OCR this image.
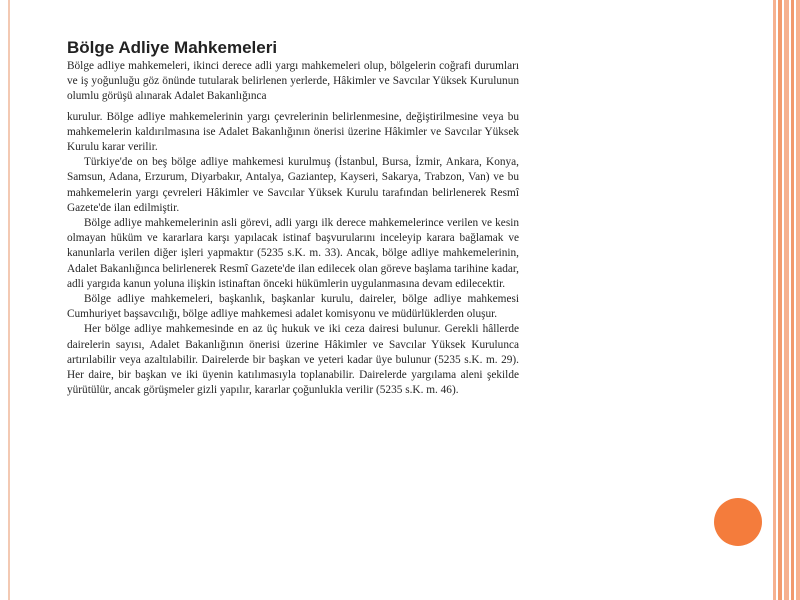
Bölge Adliye Mahkemeleri

Bölge adliye mahkemeleri, ikinci derece adli yargı mahkemeleri olup, bölgelerin coğrafi durumları ve iş yoğunluğu göz önünde tutularak belirlenen yerlerde, Hâkimler ve Savcılar Yüksek Kurulunun olumlu görüşü alınarak Adalet Bakanlığınca

kurulur. Bölge adliye mahkemelerinin yargı çevrelerinin belirlenmesine, değiştirilmesine veya bu mahkemelerin kaldırılmasına ise Adalet Bakanlığının önerisi üzerine Hâkimler ve Savcılar Yüksek Kurulu karar verilir.

Türkiye'de on beş bölge adliye mahkemesi kurulmuş (İstanbul, Bursa, İzmir, Ankara, Konya, Samsun, Adana, Erzurum, Diyarbakır, Antalya, Gaziantep, Kayseri, Sakarya, Trabzon, Van) ve bu mahkemelerin yargı çevreleri Hâkimler ve Savcılar Yüksek Kurulu tarafından belirlenerek Resmî Gazete'de ilan edilmiştir.

Bölge adliye mahkemelerinin asli görevi, adli yargı ilk derece mahkemelerince verilen ve kesin olmayan hüküm ve kararlara karşı yapılacak istinaf başvurularını inceleyip karara bağlamak ve kanunlarla verilen diğer işleri yapmaktır (5235 s.K. m. 33). Ancak, bölge adliye mahkemelerinin, Adalet Bakanlığınca belirlenerek Resmî Gazete'de ilan edilecek olan göreve başlama tarihine kadar, adli yargıda kanun yoluna ilişkin istinaftan önceki hükümlerin uygulanmasına devam edilecektir.

Bölge adliye mahkemeleri, başkanlık, başkanlar kurulu, daireler, bölge adliye mahkemesi Cumhuriyet başsavcılığı, bölge adliye mahkemesi adalet komisyonu ve müdürlüklerden oluşur.

Her bölge adliye mahkemesinde en az üç hukuk ve iki ceza dairesi bulunur. Gerekli hâllerde dairelerin sayısı, Adalet Bakanlığının önerisi üzerine Hâkimler ve Savcılar Yüksek Kurulunca artırılabilir veya azaltılabilir. Dairelerde bir başkan ve yeteri kadar üye bulunur (5235 s.K. m. 29). Her daire, bir başkan ve iki üyenin katılımasıyla toplanabilir. Dairelerde yargılama aleni şekilde yürütülür, ancak görüşmeler gizli yapılır, kararlar çoğunlukla verilir (5235 s.K. m. 46).
